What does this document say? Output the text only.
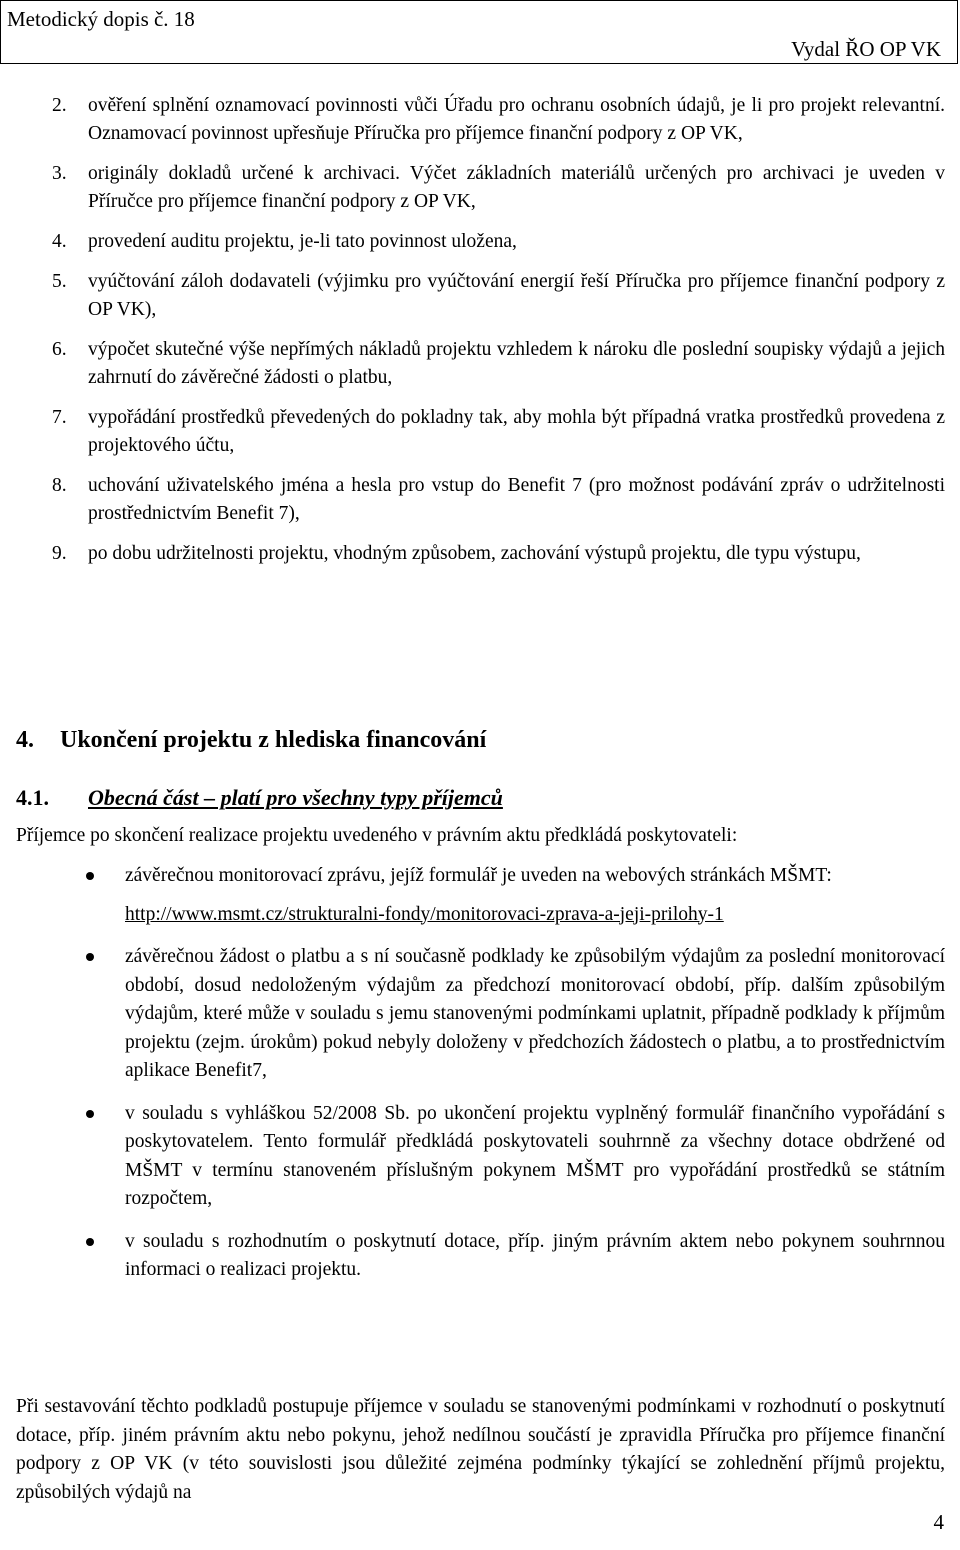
Metodický dopis č. 18
Vydal ŘO OP VK
2. ověření splnění oznamovací povinnosti vůči Úřadu pro ochranu osobních údajů, je li pro projekt relevantní. Oznamovací povinnost upřesňuje Příručka pro příjemce finanční podpory z OP VK,
3. originály dokladů určené k archivaci. Výčet základních materiálů určených pro archivaci je uveden v Příručce pro příjemce finanční podpory z OP VK,
4. provedení auditu projektu, je-li tato povinnost uložena,
5. vyúčtování záloh dodavateli (výjimku pro vyúčtování energií řeší Příručka pro příjemce finanční podpory z OP VK),
6. výpočet skutečné výše nepřímých nákladů projektu vzhledem k nároku dle poslední soupisky výdajů a jejich zahrnutí do závěrečné žádosti o platbu,
7. vypořádání prostředků převedených do pokladny tak, aby mohla být případná vratka prostředků provedena z projektového účtu,
8. uchování uživatelského jména a hesla pro vstup do Benefit 7 (pro možnost podávání zpráv o udržitelnosti prostřednictvím Benefit 7),
9. po dobu udržitelnosti projektu, vhodným způsobem, zachování výstupů projektu, dle typu výstupu,
4. Ukončení projektu z hlediska financování
4.1. Obecná část – platí pro všechny typy příjemců
Příjemce po skončení realizace projektu uvedeného v právním aktu předkládá poskytovateli:
závěrečnou monitorovací zprávu, jejíž formulář je uveden na webových stránkách MŠMT:
http://www.msmt.cz/strukturalni-fondy/monitorovaci-zprava-a-jeji-prilohy-1
závěrečnou žádost o platbu a s ní současně podklady ke způsobilým výdajům za poslední monitorovací období, dosud nedoloženým výdajům za předchozí monitorovací období, příp. dalším způsobilým výdajům, které může v souladu s jemu stanovenými podmínkami uplatnit, případně podklady k příjmům projektu (zejm. úrokům) pokud nebyly doloženy v předchozích žádostech o platbu, a to prostřednictvím aplikace Benefit7,
v souladu s vyhláškou 52/2008 Sb. po ukončení projektu vyplněný formulář finančního vypořádání s poskytovatelem. Tento formulář předkládá poskytovateli souhrnně za všechny dotace obdržené od MŠMT v termínu stanoveném příslušným pokynem MŠMT pro vypořádání prostředků se státním rozpočtem,
v souladu s rozhodnutím o poskytnutí dotace, příp. jiným právním aktem nebo pokynem souhrnnou informaci o realizaci projektu.
Při sestavování těchto podkladů postupuje příjemce v souladu se stanovenými podmínkami v rozhodnutí o poskytnutí dotace, příp. jiném právním aktu nebo pokynu, jehož nedílnou součástí je zpravidla Příručka pro příjemce finanční podpory z OP VK (v této souvislosti jsou důležité zejména podmínky týkající se zohlednění příjmů projektu, způsobilých výdajů na
4
